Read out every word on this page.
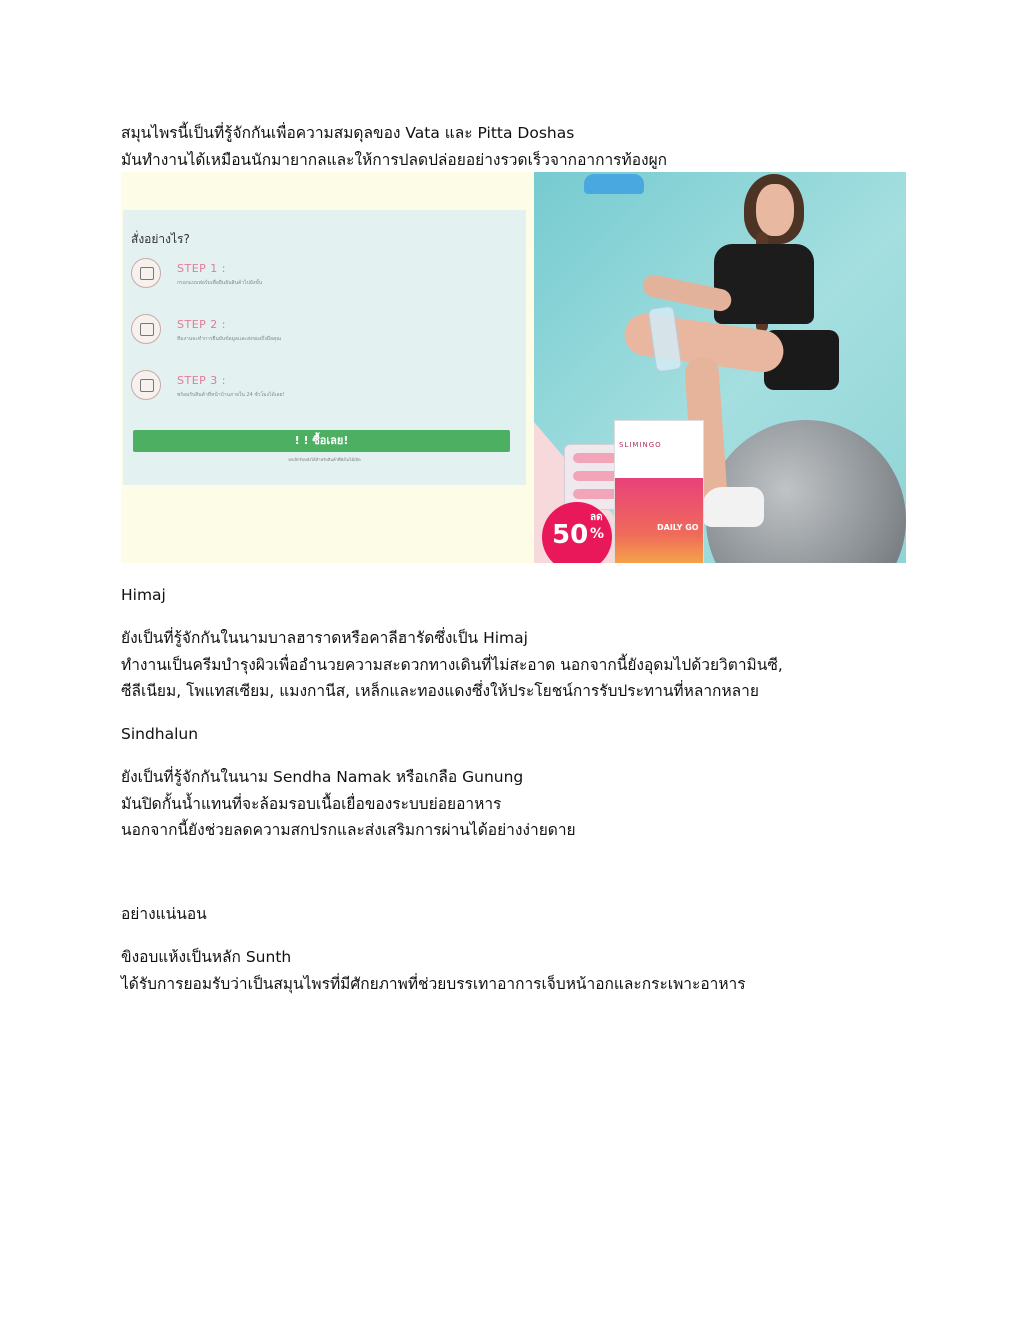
สมุนไพรนี้เป็นที่รู้จักกันเพื่อความสมดุลของ Vata และ Pitta Doshas
มันทำงานได้เหมือนนักมายากลและให้การปลดปล่อยอย่างรวดเร็วจากอาการท้องผูก
สั่งอย่างไร?
STEP 1 :
กรอกแบบฟอร์มเพื่อยืนยันสินค้าไปยังขั้น
STEP 2 :
ทีมงานจะทำการยืนยันข้อมูลและส่งของถึงมือคุณ
STEP 3 :
พร้อมรับสินค้าที่หน้าบ้านภายใน 24 ชั่วโมงได้เลย!
! ! ซื้อเลย!
ยกเลิกรับหลังได้สำหรับสินค้าที่ยังไม่ได้เปิด
SLIMINGO
DAILY GO
50
ลด
%
Himaj
ยังเป็นที่รู้จักกันในนามบาลฮาราดหรือคาลีฮารัดซึ่งเป็น Himaj
ทำงานเป็นครีมบำรุงผิวเพื่ออำนวยความสะดวกทางเดินที่ไม่สะอาด นอกจากนี้ยังอุดมไปด้วยวิตามินซี,
ซีลีเนียม, โพแทสเซียม, แมงกานีส, เหล็กและทองแดงซึ่งให้ประโยชน์การรับประทานที่หลากหลาย
Sindhalun
ยังเป็นที่รู้จักกันในนาม Sendha Namak หรือเกลือ Gunung
มันปิดกั้นน้ำแทนที่จะล้อมรอบเนื้อเยื่อของระบบย่อยอาหาร
นอกจากนี้ยังช่วยลดความสกปรกและส่งเสริมการผ่านได้อย่างง่ายดาย
อย่างแน่นอน
ขิงอบแห้งเป็นหลัก Sunth
ได้รับการยอมรับว่าเป็นสมุนไพรที่มีศักยภาพที่ช่วยบรรเทาอาการเจ็บหน้าอกและกระเพาะอาหาร
